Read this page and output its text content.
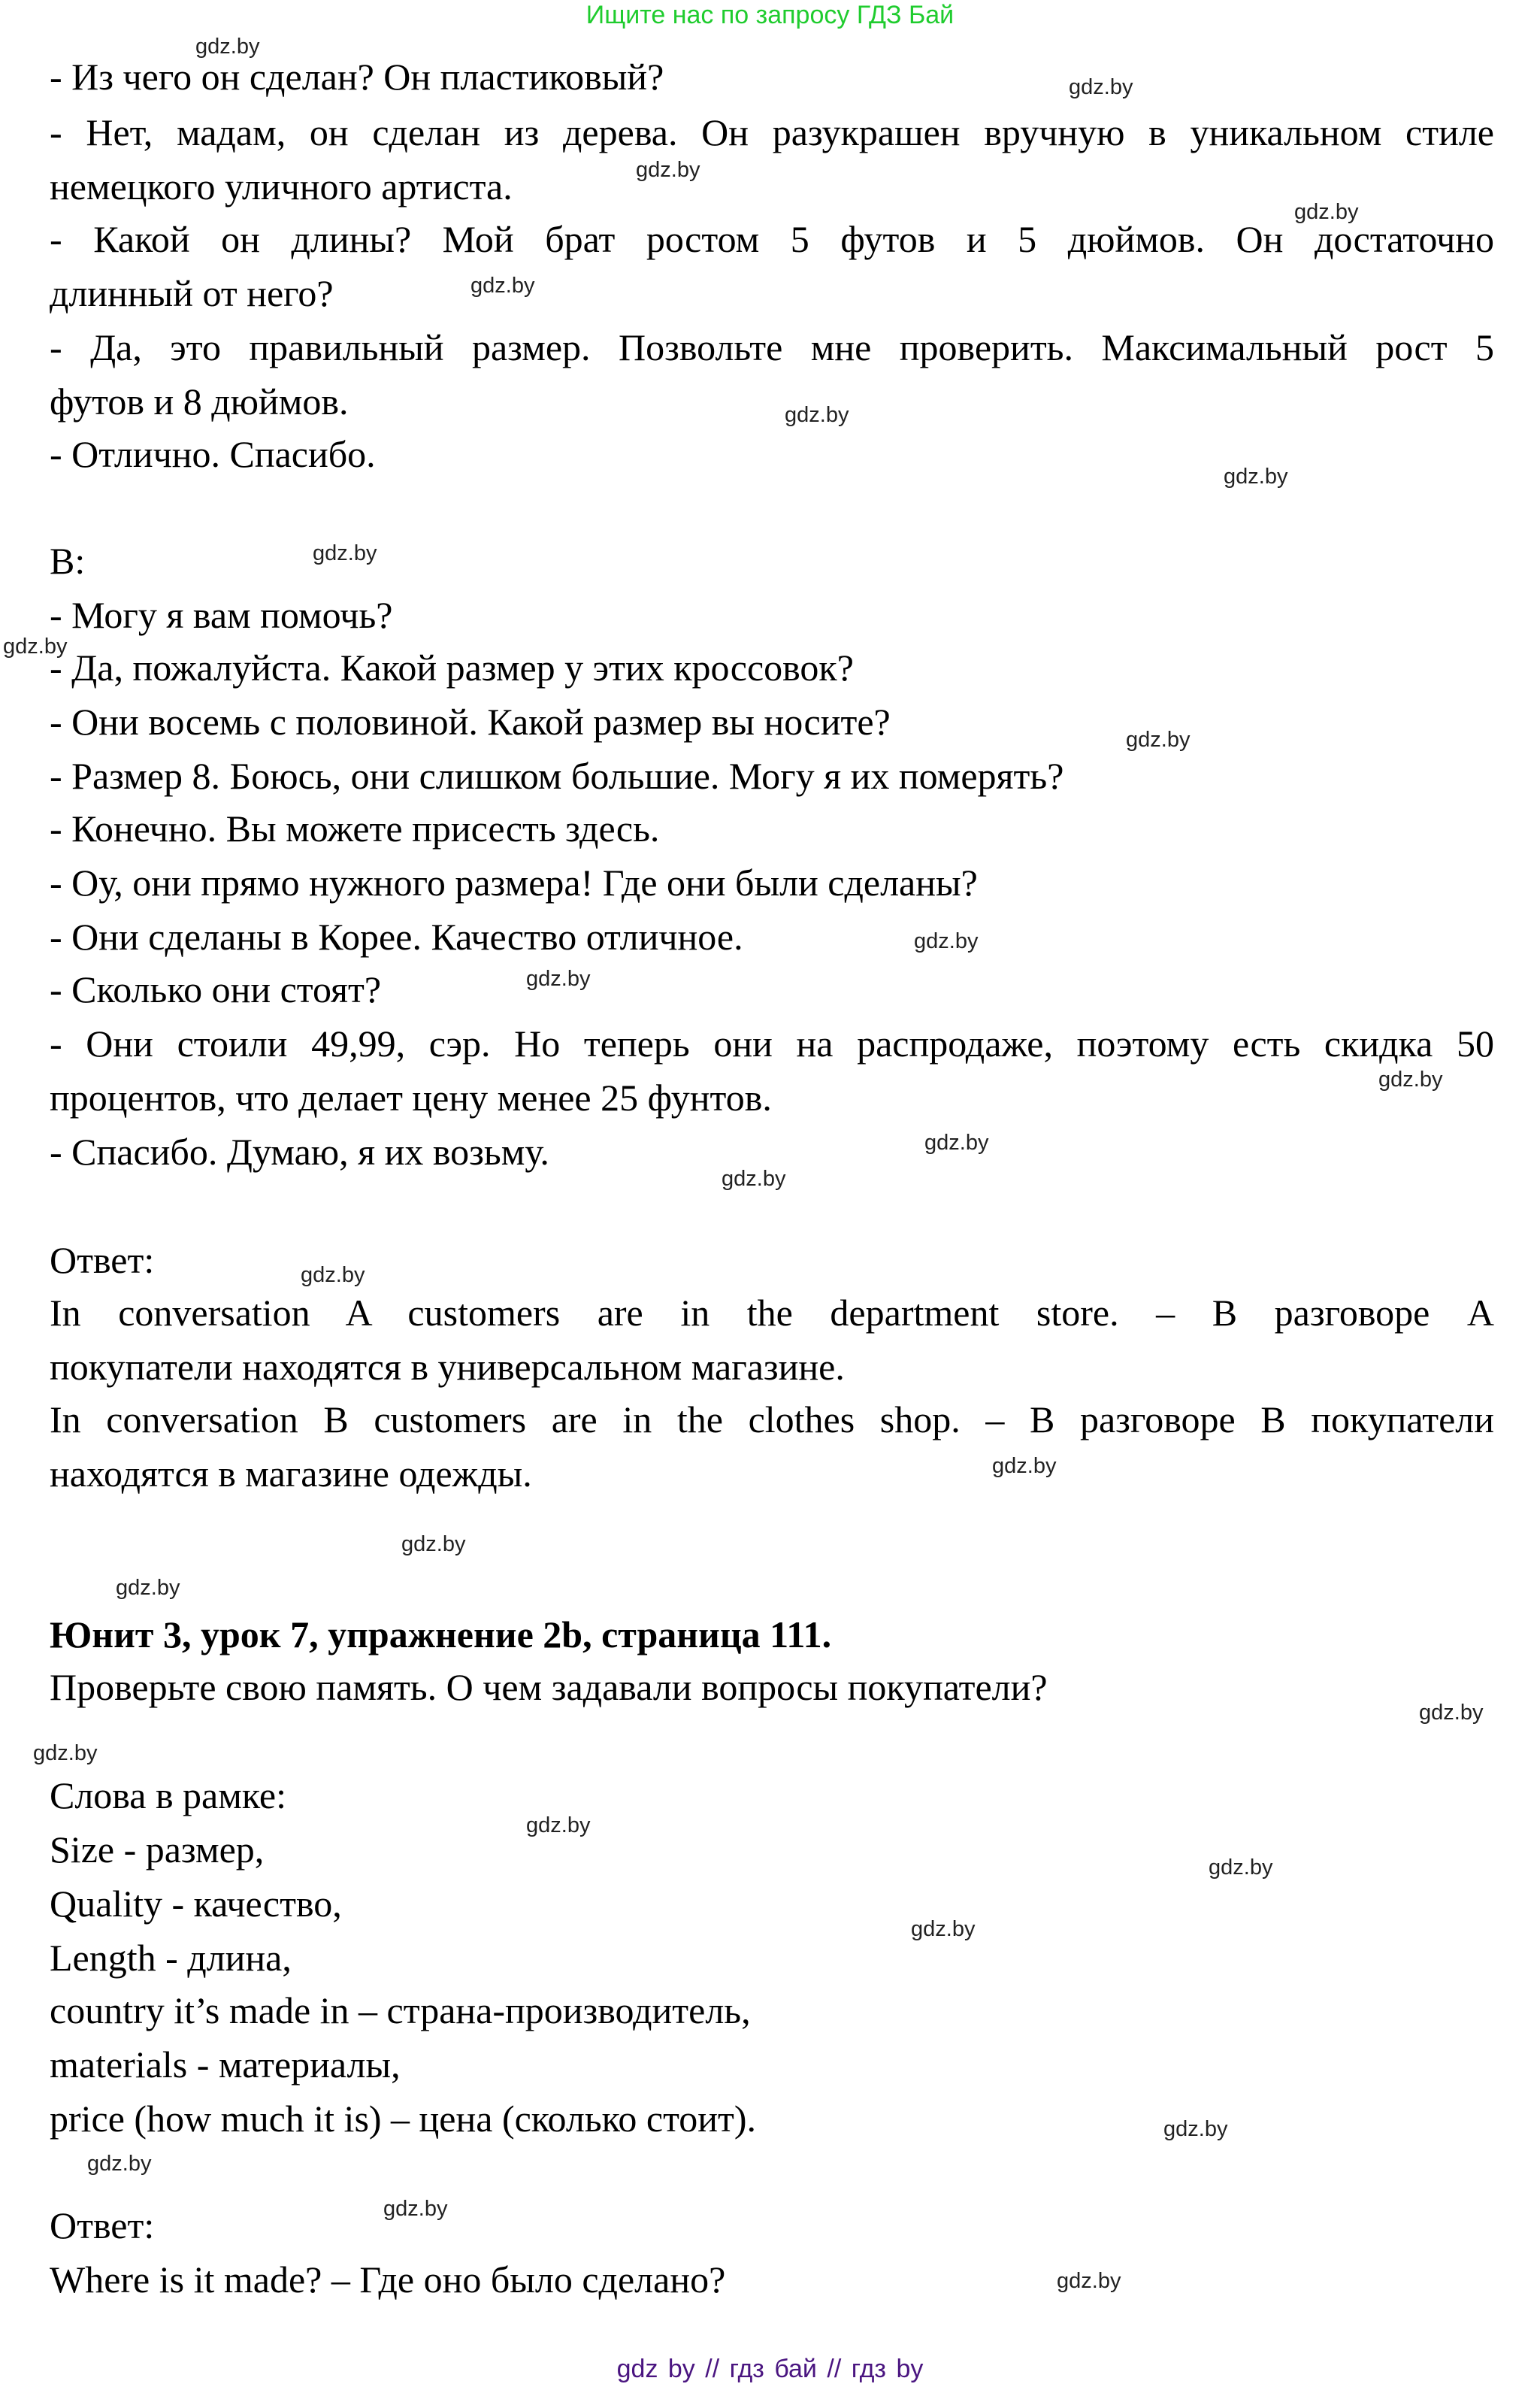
Ищите нас по запросу ГДЗ Бай
- Из чего он сделан? Он пластиковый?
- Нет, мадам, он сделан из дерева. Он разукрашен вручную в уникальном стиле
немецкого уличного артиста.
- Какой он длины? Мой брат ростом 5 футов и 5 дюймов. Он достаточно
длинный от него?
- Да, это правильный размер. Позвольте мне проверить. Максимальный рост 5
футов и 8 дюймов.
- Отлично. Спасибо.
B:
- Могу я вам помочь?
- Да, пожалуйста. Какой размер у этих кроссовок?
- Они восемь с половиной. Какой размер вы носите?
- Размер 8. Боюсь, они слишком большие. Могу я их померять?
- Конечно. Вы можете присесть здесь.
- Оу, они прямо нужного размера! Где они были сделаны?
- Они сделаны в Корее. Качество отличное.
- Сколько они стоят?
- Они стоили 49,99, сэр. Но теперь они на распродаже, поэтому есть скидка 50
процентов, что делает цену менее 25 фунтов.
- Спасибо. Думаю, я их возьму.
Ответ:
In conversation A customers are in the department store. – В разговоре A
покупатели находятся в универсальном магазине.
In conversation B customers are in the clothes shop. – В разговоре B покупатели
находятся в магазине одежды.
Юнит 3, урок 7, упражнение 2b, страница 111.
Проверьте свою память. О чем задавали вопросы покупатели?
Слова в рамке:
Size - размер,
Quality - качество,
Length - длина,
country it’s made in – страна-производитель,
materials - материалы,
price (how much it is) – цена (сколько стоит).
Ответ:
Where is it made? – Где оно было сделано?
gdz.by
gdz.by
gdz.by
gdz.by
gdz.by
gdz.by
gdz.by
gdz.by
gdz.by
gdz.by
gdz.by
gdz.by
gdz.by
gdz.by
gdz.by
gdz.by
gdz.by
gdz.by
gdz.by
gdz.by
gdz.by
gdz.by
gdz.by
gdz.by
gdz.by
gdz.by
gdz.by
gdz.by
gdz by // гдз бай // гдз by
